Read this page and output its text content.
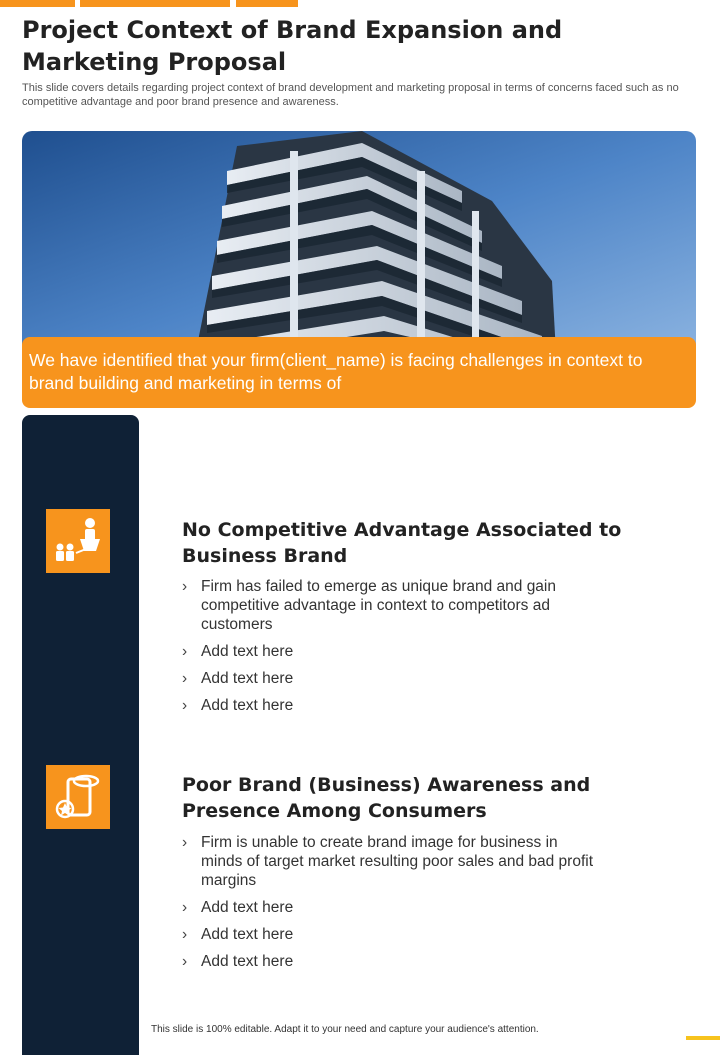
Project Context of Brand Expansion and Marketing Proposal

This slide covers details regarding project context of brand development and marketing proposal in terms of concerns faced such as no competitive advantage and poor brand presence and awareness.

We have identified that your firm(client_name) is facing challenges in context to brand building and marketing in terms of
No Competitive Advantage Associated to Business Brand
› Firm has failed to emerge as unique brand and gain competitive advantage in context to competitors ad customers
› Add text here
› Add text here
› Add text here
Poor Brand (Business) Awareness and Presence Among Consumers
› Firm is unable to create brand image for business in minds of target market resulting poor sales and bad profit margins
› Add text here
› Add text here
› Add text here
This slide is 100% editable. Adapt it to your need and capture your audience's attention.
